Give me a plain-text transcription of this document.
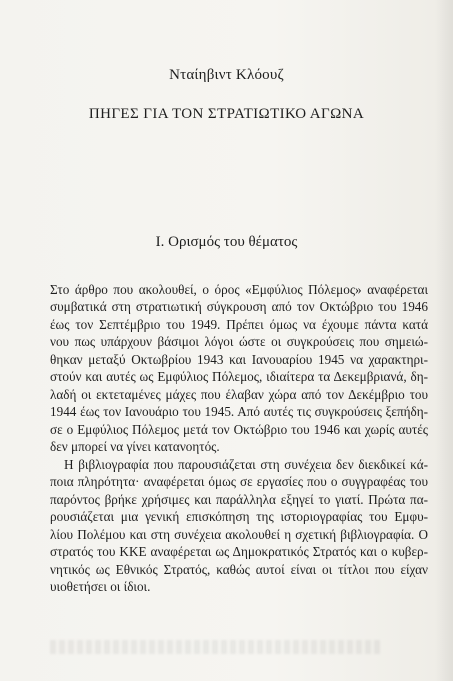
Νταίηβιντ Κλόουζ
ΠΗΓΕΣ ΓΙΑ ΤΟΝ ΣΤΡΑΤΙΩΤΙΚΟ ΑΓΩΝΑ
I. Ορισμός του θέματος
Στο άρθρο που ακολουθεί, ο όρος «Εμφύλιος Πόλεμος» αναφέρεται
συμβατικά στη στρατιωτική σύγκρουση από τον Οκτώβριο του 1946
έως τον Σεπτέμβριο του 1949. Πρέπει όμως να έχουμε πάντα κατά
νου πως υπάρχουν βάσιμοι λόγοι ώστε οι συγκρούσεις που σημειώ-
θηκαν μεταξύ Οκτωβρίου 1943 και Ιανουαρίου 1945 να χαρακτηρι-
στούν και αυτές ως Εμφύλιος Πόλεμος, ιδιαίτερα τα Δεκεμβριανά, δη-
λαδή οι εκτεταμένες μάχες που έλαβαν χώρα από τον Δεκέμβριο του
1944 έως τον Ιανουάριο του 1945. Από αυτές τις συγκρούσεις ξεπήδη-
σε ο Εμφύλιος Πόλεμος μετά τον Οκτώβριο του 1946 και χωρίς αυτές
δεν μπορεί να γίνει κατανοητός.
Η βιβλιογραφία που παρουσιάζεται στη συνέχεια δεν διεκδικεί κά-
ποια πληρότητα· αναφέρεται όμως σε εργασίες που ο συγγραφέας του
παρόντος βρήκε χρήσιμες και παράλληλα εξηγεί το γιατί. Πρώτα πα-
ρουσιάζεται μια γενική επισκόπηση της ιστοριογραφίας του Εμφυ-
λίου Πολέμου και στη συνέχεια ακολουθεί η σχετική βιβλιογραφία. Ο
στρατός του ΚΚΕ αναφέρεται ως Δημοκρατικός Στρατός και ο κυβερ-
νητικός ως Εθνικός Στρατός, καθώς αυτοί είναι οι τίτλοι που είχαν
υιοθετήσει οι ίδιοι.
